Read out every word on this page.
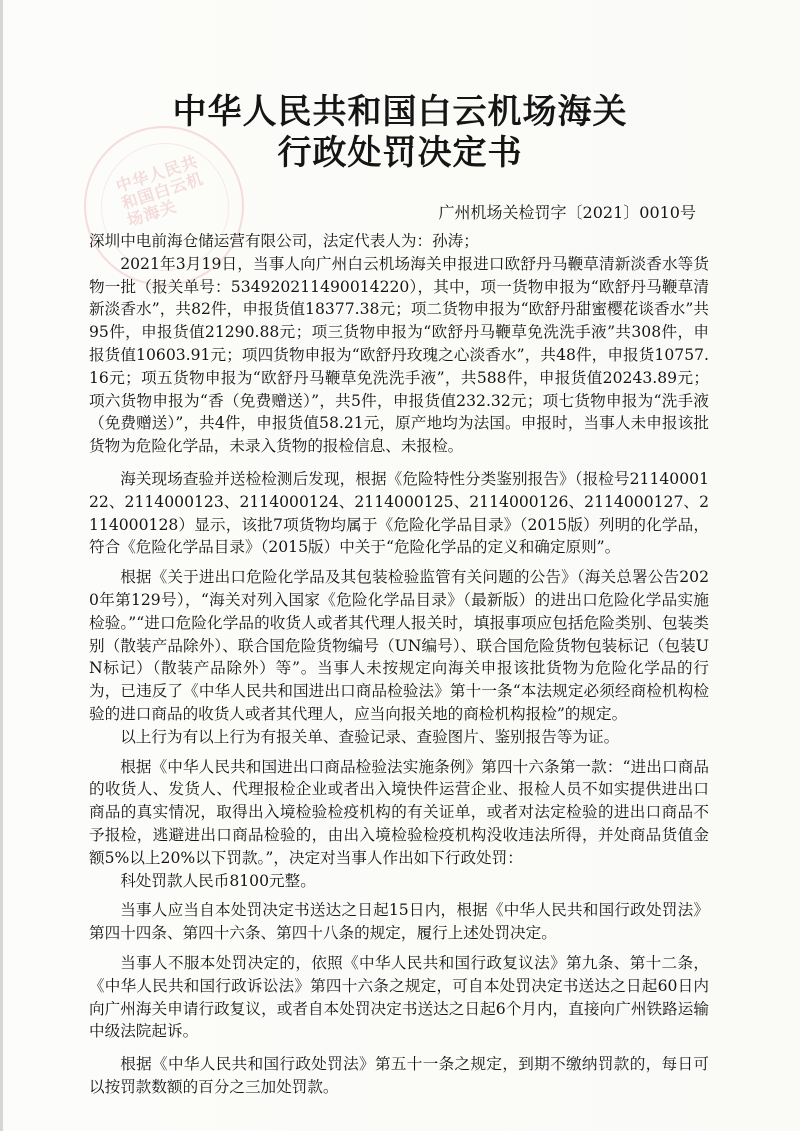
中华人民共和国白云机场海关
中华人民共和国白云机场海关
行政处罚决定书
广州机场关检罚字〔2021〕0010号

深圳中电前海仓储运营有限公司，法定代表人为：孙涛；

2021年3月19日，当事人向广州白云机场海关申报进口欧舒丹马鞭草清新淡香水等货物一批（报关单号：534920211490014220），其中，项一货物申报为“欧舒丹马鞭草清新淡香水”，共82件，申报货值18377.38元；项二货物申报为“欧舒丹甜蜜樱花谈香水”共95件，申报货值21290.88元；项三货物申报为“欧舒丹马鞭草免洗洗手液”共308件，申报货值10603.91元；项四货物申报为“欧舒丹玫瑰之心淡香水”，共48件，申报货10757.16元；项五货物申报为“欧舒丹马鞭草免洗洗手液”，共588件，申报货值20243.89元；项六货物申报为“香（免费赠送）”，共5件，申报货值232.32元；项七货物申报为“洗手液（免费赠送）”，共4件，申报货值58.21元，原产地均为法国。申报时，当事人未申报该批货物为危险化学品，未录入货物的报检信息、未报检。

海关现场查验并送检检测后发现，根据《危险特性分类鉴别报告》（报检号2114000122、2114000123、2114000124、2114000125、2114000126、2114000127、2114000128）显示，该批7项货物均属于《危险化学品目录》（2015版）列明的化学品，符合《危险化学品目录》（2015版）中关于“危险化学品的定义和确定原则”。

根据《关于进出口危险化学品及其包装检验监管有关问题的公告》（海关总署公告2020年第129号），“海关对列入国家《危险化学品目录》（最新版）的进出口危险化学品实施检验。”“进口危险化学品的收货人或者其代理人报关时，填报事项应包括危险类别、包装类别（散装产品除外）、联合国危险货物编号（UN编号）、联合国危险货物包装标记（包装UN标记）（散装产品除外）等”。当事人未按规定向海关申报该批货物为危险化学品的行为，已违反了《中华人民共和国进出口商品检验法》第十一条“本法规定必须经商检机构检验的进口商品的收货人或者其代理人，应当向报关地的商检机构报检”的规定。

以上行为有以上行为有报关单、查验记录、查验图片、鉴别报告等为证。

根据《中华人民共和国进出口商品检验法实施条例》第四十六条第一款：“进出口商品的收货人、发货人、代理报检企业或者出入境快件运营企业、报检人员不如实提供进出口商品的真实情况，取得出入境检验检疫机构的有关证单，或者对法定检验的进出口商品不予报检，逃避进出口商品检验的，由出入境检验检疫机构没收违法所得，并处商品货值金额5%以上20%以下罚款。”，决定对当事人作出如下行政处罚：

科处罚款人民币8100元整。

当事人应当自本处罚决定书送达之日起15日内，根据《中华人民共和国行政处罚法》第四十四条、第四十六条、第四十八条的规定，履行上述处罚决定。

当事人不服本处罚决定的，依照《中华人民共和国行政复议法》第九条、第十二条，《中华人民共和国行政诉讼法》第四十六条之规定，可自本处罚决定书送达之日起60日内向广州海关申请行政复议，或者自本处罚决定书送达之日起6个月内，直接向广州铁路运输中级法院起诉。

根据《中华人民共和国行政处罚法》第五十一条之规定，到期不缴纳罚款的，每日可以按罚款数额的百分之三加处罚款。
